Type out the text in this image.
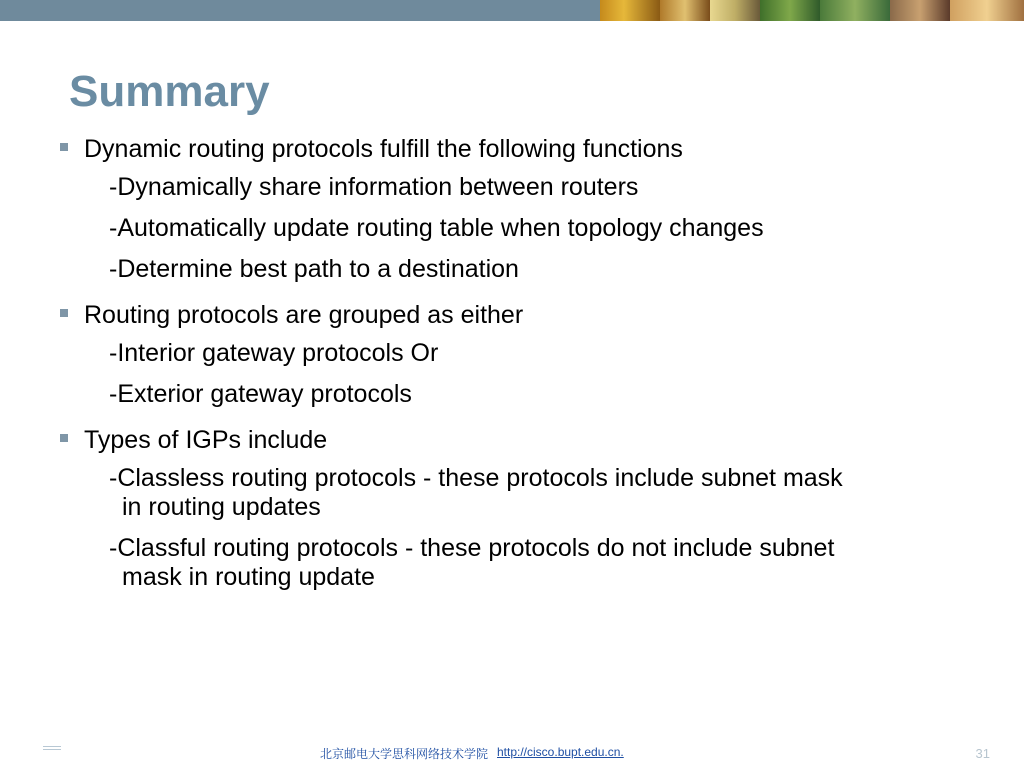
Summary
Dynamic routing protocols fulfill the following functions

-Dynamically share information between routers

-Automatically update routing table when topology changes

-Determine best path to a destination

Routing protocols are grouped as either

-Interior gateway protocols Or

-Exterior gateway protocols

Types of IGPs include

-Classless routing protocols - these protocols include subnet mask
in routing updates

-Classful routing protocols - these protocols do not include subnet
mask in routing update

北京邮电大学思科网络技术学院 http://cisco.bupt.edu.cn.	31
